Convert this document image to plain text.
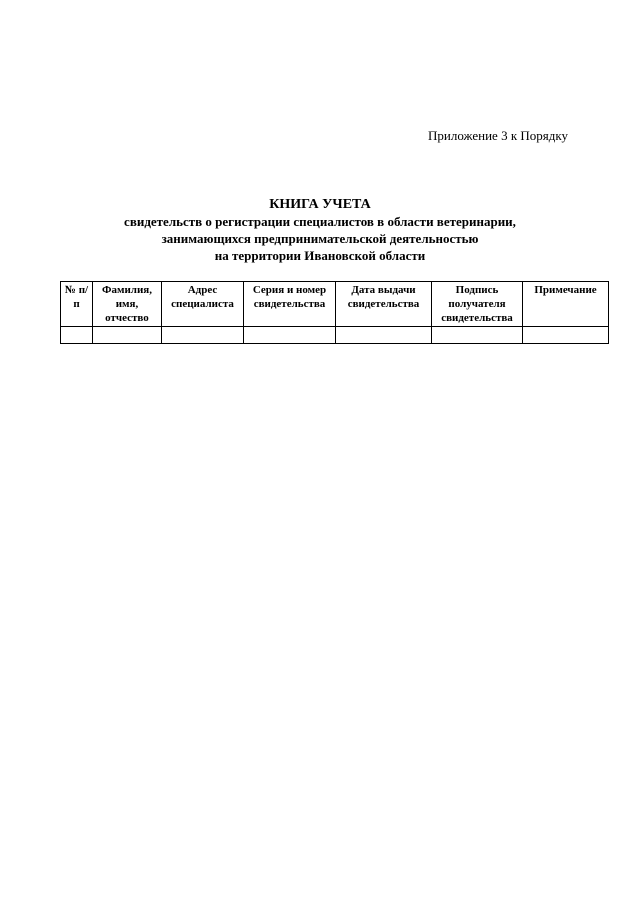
Приложение 3 к Порядку
КНИГА УЧЕТА
свидетельств о регистрации специалистов в области ветеринарии,
занимающихся предпринимательской деятельностью
на территории Ивановской области
№ п/п	Фамилия, имя, отчество	Адрес специалиста	Серия и номер свидетельства	Дата выдачи свидетельства	Подпись получателя свидетельства	Примечание
